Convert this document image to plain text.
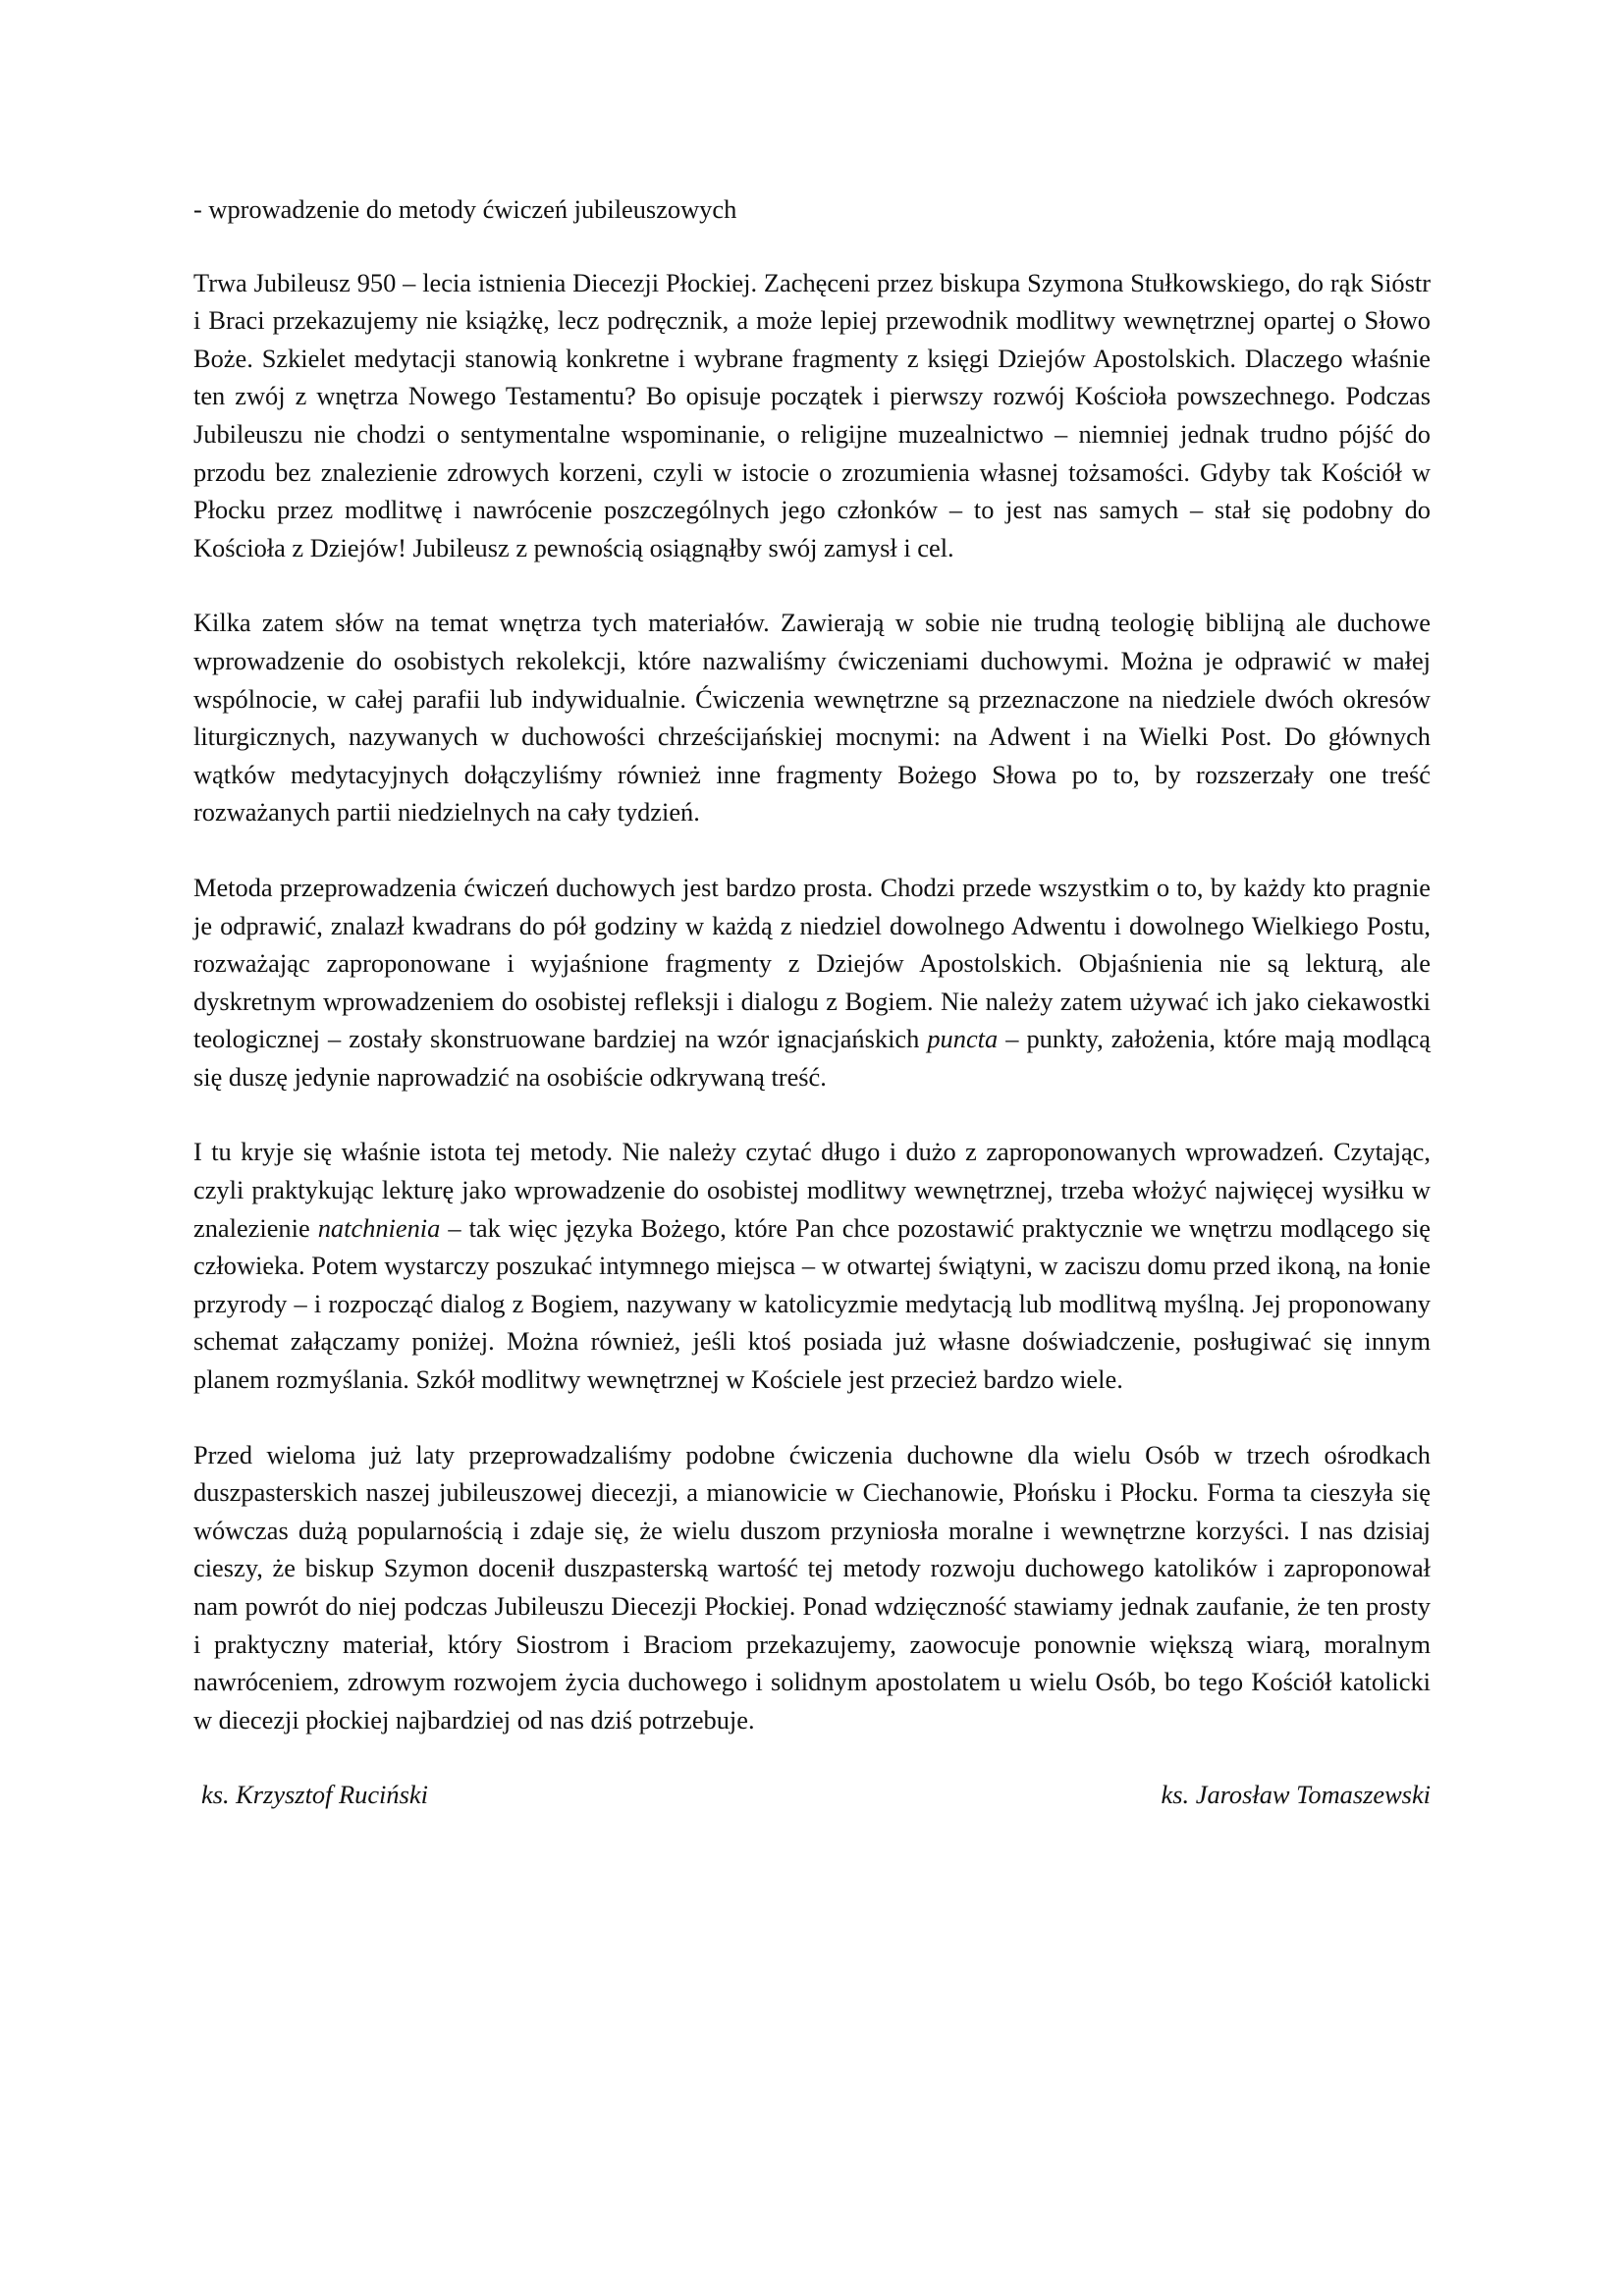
- wprowadzenie do metody ćwiczeń jubileuszowych

Trwa Jubileusz 950 – lecia istnienia Diecezji Płockiej. Zachęceni przez biskupa Szymona Stułkowskiego, do rąk Sióstr i Braci przekazujemy nie książkę, lecz podręcznik, a może lepiej przewodnik modlitwy wewnętrznej opartej o Słowo Boże. Szkielet medytacji stanowią konkretne i wybrane fragmenty z księgi Dziejów Apostolskich. Dlaczego właśnie ten zwój z wnętrza Nowego Testamentu? Bo opisuje początek i pierwszy rozwój Kościoła powszechnego. Podczas Jubileuszu nie chodzi o sentymentalne wspominanie, o religijne muzealnictwo – niemniej jednak trudno pójść do przodu bez znalezienie zdrowych korzeni, czyli w istocie o zrozumienia własnej tożsamości. Gdyby tak Kościół w Płocku przez modlitwę i nawrócenie poszczególnych jego członków – to jest nas samych – stał się podobny do Kościoła z Dziejów! Jubileusz z pewnością osiągnąłby swój zamysł i cel.

Kilka zatem słów na temat wnętrza tych materiałów. Zawierają w sobie nie trudną teologię biblijną ale duchowe wprowadzenie do osobistych rekolekcji, które nazwaliśmy ćwiczeniami duchowymi. Można je odprawić w małej wspólnocie, w całej parafii lub indywidualnie. Ćwiczenia wewnętrzne są przeznaczone na niedziele dwóch okresów liturgicznych, nazywanych w duchowości chrześcijańskiej mocnymi: na Adwent i na Wielki Post. Do głównych wątków medytacyjnych dołączyliśmy również inne fragmenty Bożego Słowa po to, by rozszerzały one treść rozważanych partii niedzielnych na cały tydzień.

Metoda przeprowadzenia ćwiczeń duchowych jest bardzo prosta. Chodzi przede wszystkim o to, by każdy kto pragnie je odprawić, znalazł kwadrans do pół godziny w każdą z niedziel dowolnego Adwentu i dowolnego Wielkiego Postu, rozważając zaproponowane i wyjaśnione fragmenty z Dziejów Apostolskich. Objaśnienia nie są lekturą, ale dyskretnym wprowadzeniem do osobistej refleksji i dialogu z Bogiem. Nie należy zatem używać ich jako ciekawostki teologicznej – zostały skonstruowane bardziej na wzór ignacjańskich puncta – punkty, założenia, które mają modlącą się duszę jedynie naprowadzić na osobiście odkrywaną treść.

I tu kryje się właśnie istota tej metody. Nie należy czytać długo i dużo z zaproponowanych wprowadzeń. Czytając, czyli praktykując lekturę jako wprowadzenie do osobistej modlitwy wewnętrznej, trzeba włożyć najwięcej wysiłku w znalezienie natchnienia – tak więc języka Bożego, które Pan chce pozostawić praktycznie we wnętrzu modlącego się człowieka. Potem wystarczy poszukać intymnego miejsca – w otwartej świątyni, w zaciszu domu przed ikoną, na łonie przyrody – i rozpocząć dialog z Bogiem, nazywany w katolicyzmie medytacją lub modlitwą myślną. Jej proponowany schemat załączamy poniżej. Można również, jeśli ktoś posiada już własne doświadczenie, posługiwać się innym planem rozmyślania. Szkół modlitwy wewnętrznej w Kościele jest przecież bardzo wiele.

Przed wieloma już laty przeprowadzaliśmy podobne ćwiczenia duchowne dla wielu Osób w trzech ośrodkach duszpasterskich naszej jubileuszowej diecezji, a mianowicie w Ciechanowie, Płońsku i Płocku. Forma ta cieszyła się wówczas dużą popularnością i zdaje się, że wielu duszom przyniosła moralne i wewnętrzne korzyści. I nas dzisiaj cieszy, że biskup Szymon docenił duszpasterską wartość tej metody rozwoju duchowego katolików i zaproponował nam powrót do niej podczas Jubileuszu Diecezji Płockiej. Ponad wdzięczność stawiamy jednak zaufanie, że ten prosty i praktyczny materiał, który Siostrom i Braciom przekazujemy, zaowocuje ponownie większą wiarą, moralnym nawróceniem, zdrowym rozwojem życia duchowego i solidnym apostolatem u wielu Osób, bo tego Kościół katolicki w diecezji płockiej najbardziej od nas dziś potrzebuje.

ks. Krzysztof Ruciński	ks. Jarosław Tomaszewski
